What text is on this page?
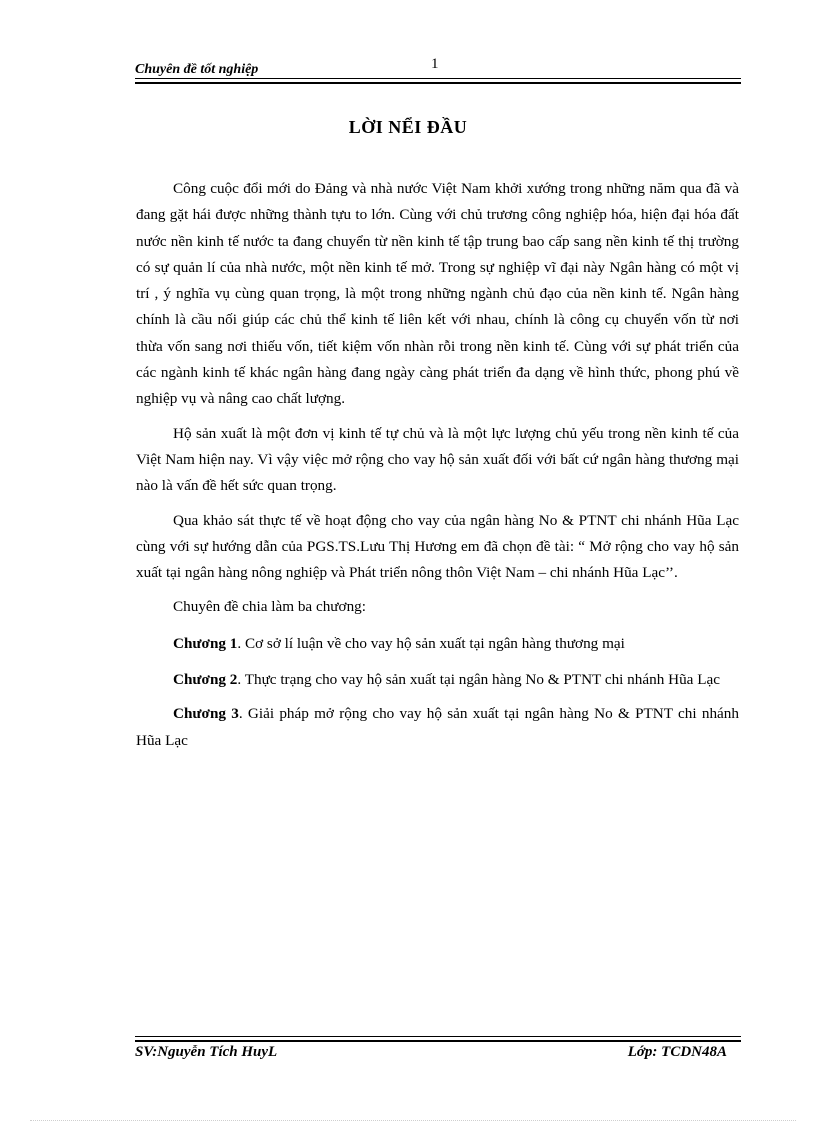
Chuyên đề tốt nghiệp	1
LỜI NỂI ĐẦU

Công cuộc đổi mới do Đảng và nhà nước Việt Nam khởi xướng trong những năm qua đã và đang gặt hái được những thành tựu to lớn. Cùng với chủ trương công nghiệp hóa, hiện đại hóa đất nước nền kinh tế nước ta đang chuyển từ nền kinh tế tập trung bao cấp sang nền kinh tế thị trường có sự quản lí của nhà nước, một nền kinh tế mở. Trong sự nghiệp vĩ đại này Ngân hàng có một vị trí , ý nghĩa vụ cùng quan trọng, là một trong những ngành chủ đạo của nền kinh tế. Ngân hàng chính là cầu nối giúp các chủ thể kinh tế liên kết với nhau, chính là công cụ chuyển vốn từ nơi thừa vốn sang nơi thiếu vốn, tiết kiệm vốn nhàn rỗi trong nền kinh tế. Cùng với sự phát triển của các ngành kinh tế khác ngân hàng đang ngày càng phát triển đa dạng về hình thức, phong phú về nghiệp vụ và nâng cao chất lượng.

Hộ sản xuất là một đơn vị kinh tế tự chủ và là một lực lượng chủ yếu trong nền kinh tế của Việt Nam hiện nay. Vì vậy việc mở rộng cho vay hộ sản xuất đối với bất cứ ngân hàng thương mại nào là vấn đề hết sức quan trọng.

Qua khảo sát thực tế về hoạt động cho vay của ngân hàng No & PTNT chi nhánh Hũa Lạc cùng với sự hướng dẫn của PGS.TS.Lưu Thị Hương em đã chọn đề tài: “ Mở rộng cho vay hộ sản xuất tại ngân hàng nông nghiệp và Phát triển nông thôn Việt Nam – chi nhánh Hũa Lạc’’.

Chuyên đề chia làm ba chương:

Chương 1. Cơ sở lí luận về cho vay hộ sản xuất tại ngân hàng thương mại

Chương 2. Thực trạng cho vay hộ sản xuất tại ngân hàng No & PTNT chi nhánh Hũa Lạc

Chương 3. Giải pháp mở rộng cho vay hộ sản xuất tại ngân hàng No & PTNT chi nhánh Hũa Lạc

SV:Nguyễn Tích HuyL	Lớp: TCDN48A
